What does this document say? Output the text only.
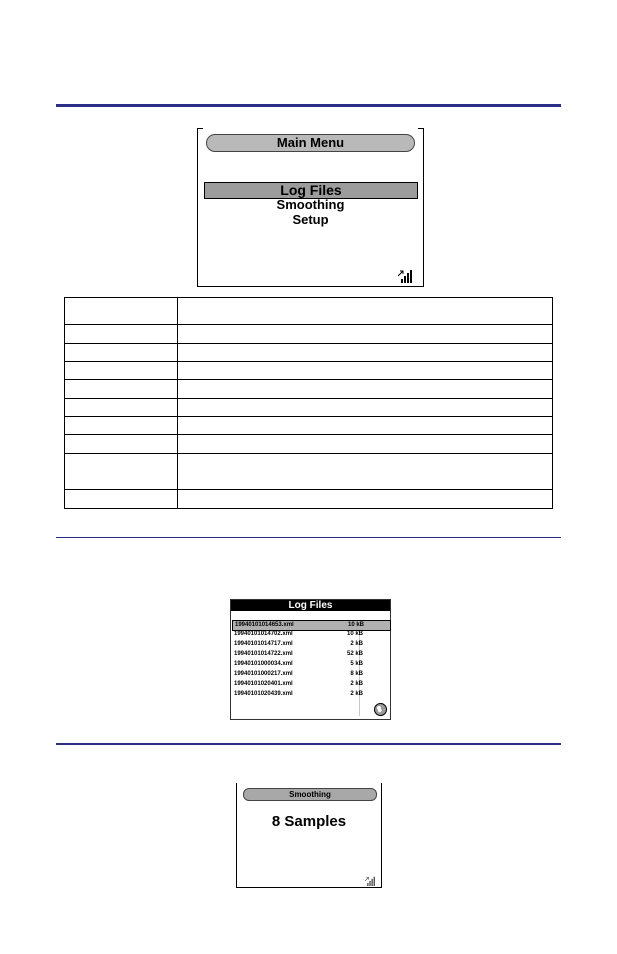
Main Menu
Log Files
Smoothing
Setup

Log Files
19940101014653.xml	10 kB
19940101014702.xml	10 kB
19940101014717.xml	2 kB
19940101014722.xml	52 kB
19940101000034.xml	5 kB
19940101000217.xml	8 kB
19940101020401.xml	2 kB
19940101020439.xml	2 kB
Smoothing
8 Samples
